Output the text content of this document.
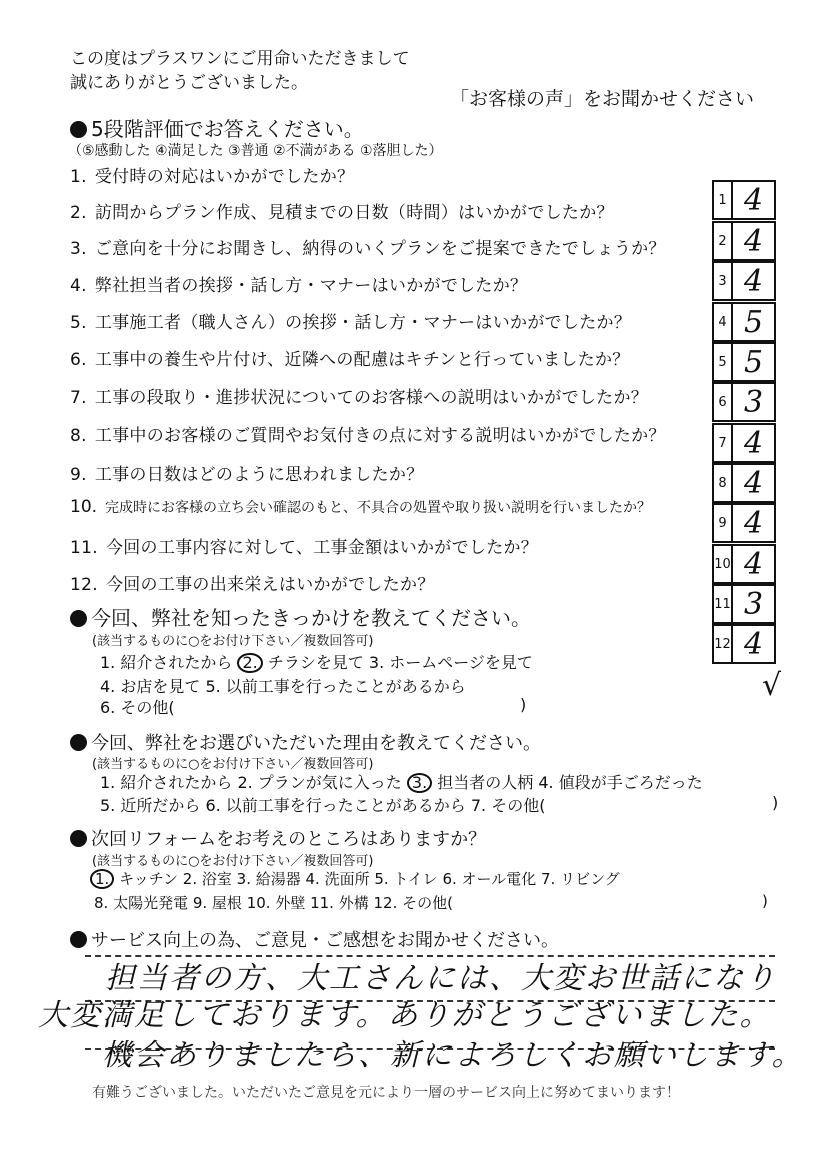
この度はプラスワンにご用命いただきまして
誠にありがとうございました。
「お客様の声」をお聞かせください
5段階評価でお答えください。
（⑤感動した ④満足した ③普通 ②不満がある ①落胆した）
1. 受付時の対応はいかがでしたか？
2. 訪問からプラン作成、見積までの日数（時間）はいかがでしたか？
3. ご意向を十分にお聞きし、納得のいくプランをご提案できたでしょうか？
4. 弊社担当者の挨拶・話し方・マナーはいかがでしたか？
5. 工事施工者（職人さん）の挨拶・話し方・マナーはいかがでしたか？
6. 工事中の養生や片付け、近隣への配慮はキチンと行っていましたか？
7. 工事の段取り・進捗状況についてのお客様への説明はいかがでしたか？
8. 工事中のお客様のご質問やお気付きの点に対する説明はいかがでしたか？
9. 工事の日数はどのように思われましたか？
10. 完成時にお客様の立ち会い確認のもと、不具合の処置や取り扱い説明を行いましたか？
11. 今回の工事内容に対して、工事金額はいかがでしたか？
12. 今回の工事の出来栄えはいかがでしたか？
1 4
2 4
3 4
4 5
5 5
6 3
7 4
8 4
9 4
10 4
11 3
12 4
√
今回、弊社を知ったきっかけを教えてください。
(該当するものに○をお付け下さい／複数回答可)
1. 紹介されたから 2. チラシを見て 3. ホームページを見て
4. お店を見て 5. 以前工事を行ったことがあるから
6. その他(	)
今回、弊社をお選びいただいた理由を教えてください。
(該当するものに○をお付け下さい／複数回答可)
1. 紹介されたから 2. プランが気に入った 3. 担当者の人柄 4. 値段が手ごろだった
5. 近所だから 6. 以前工事を行ったことがあるから 7. その他(	)
次回リフォームをお考えのところはありますか？
(該当するものに○をお付け下さい／複数回答可)
1. キッチン 2. 浴室 3. 給湯器 4. 洗面所 5. トイレ 6. オール電化 7. リビング
8. 太陽光発電 9. 屋根 10. 外壁 11. 外構 12. その他(	)
サービス向上の為、ご意見・ご感想をお聞かせください。
担当者の方、大工さんには、大変お世話になり
大変満足しております。ありがとうございました。
機会ありましたら、新によろしくお願いします。
有難うございました。いただいたご意見を元により一層のサービス向上に努めてまいります！
